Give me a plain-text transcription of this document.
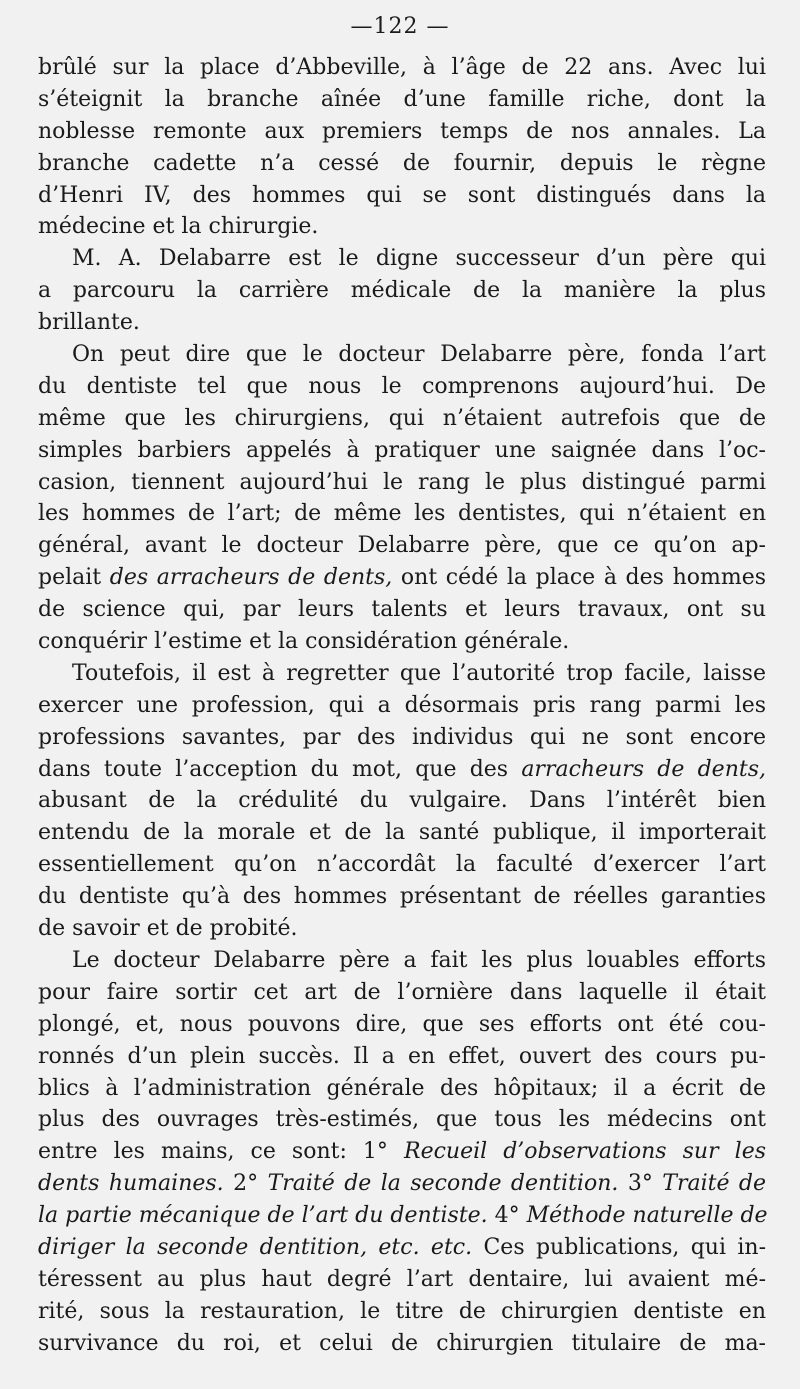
—122 —
brûlé sur la place d’Abbeville, à l’âge de 22 ans. Avec lui
s’éteignit la branche aînée d’une famille riche, dont la
noblesse remonte aux premiers temps de nos annales. La
branche cadette n’a cessé de fournir, depuis le règne
d’Henri IV, des hommes qui se sont distingués dans la
médecine et la chirurgie.
M. A. Delabarre est le digne successeur d’un père qui
a parcouru la carrière médicale de la manière la plus
brillante.
On peut dire que le docteur Delabarre père, fonda l’art
du dentiste tel que nous le comprenons aujourd’hui. De
même que les chirurgiens, qui n’étaient autrefois que de
simples barbiers appelés à pratiquer une saignée dans l’oc-
casion, tiennent aujourd’hui le rang le plus distingué parmi
les hommes de l’art; de même les dentistes, qui n’étaient en
général, avant le docteur Delabarre père, que ce qu’on ap-
pelait des arracheurs de dents, ont cédé la place à des hommes
de science qui, par leurs talents et leurs travaux, ont su
conquérir l’estime et la considération générale.
Toutefois, il est à regretter que l’autorité trop facile, laisse
exercer une profession, qui a désormais pris rang parmi les
professions savantes, par des individus qui ne sont encore
dans toute l’acception du mot, que des arracheurs de dents,
abusant de la crédulité du vulgaire. Dans l’intérêt bien
entendu de la morale et de la santé publique, il importerait
essentiellement qu’on n’accordât la faculté d’exercer l’art
du dentiste qu’à des hommes présentant de réelles garanties
de savoir et de probité.
Le docteur Delabarre père a fait les plus louables efforts
pour faire sortir cet art de l’ornière dans laquelle il était
plongé, et, nous pouvons dire, que ses efforts ont été cou-
ronnés d’un plein succès. Il a en effet, ouvert des cours pu-
blics à l’administration générale des hôpitaux; il a écrit de
plus des ouvrages très-estimés, que tous les médecins ont
entre les mains, ce sont: 1° Recueil d’observations sur les
dents humaines. 2° Traité de la seconde dentition. 3° Traité de
la partie mécanique de l’art du dentiste. 4° Méthode naturelle de
diriger la seconde dentition, etc. etc. Ces publications, qui in-
téressent au plus haut degré l’art dentaire, lui avaient mé-
rité, sous la restauration, le titre de chirurgien dentiste en
survivance du roi, et celui de chirurgien titulaire de ma-
